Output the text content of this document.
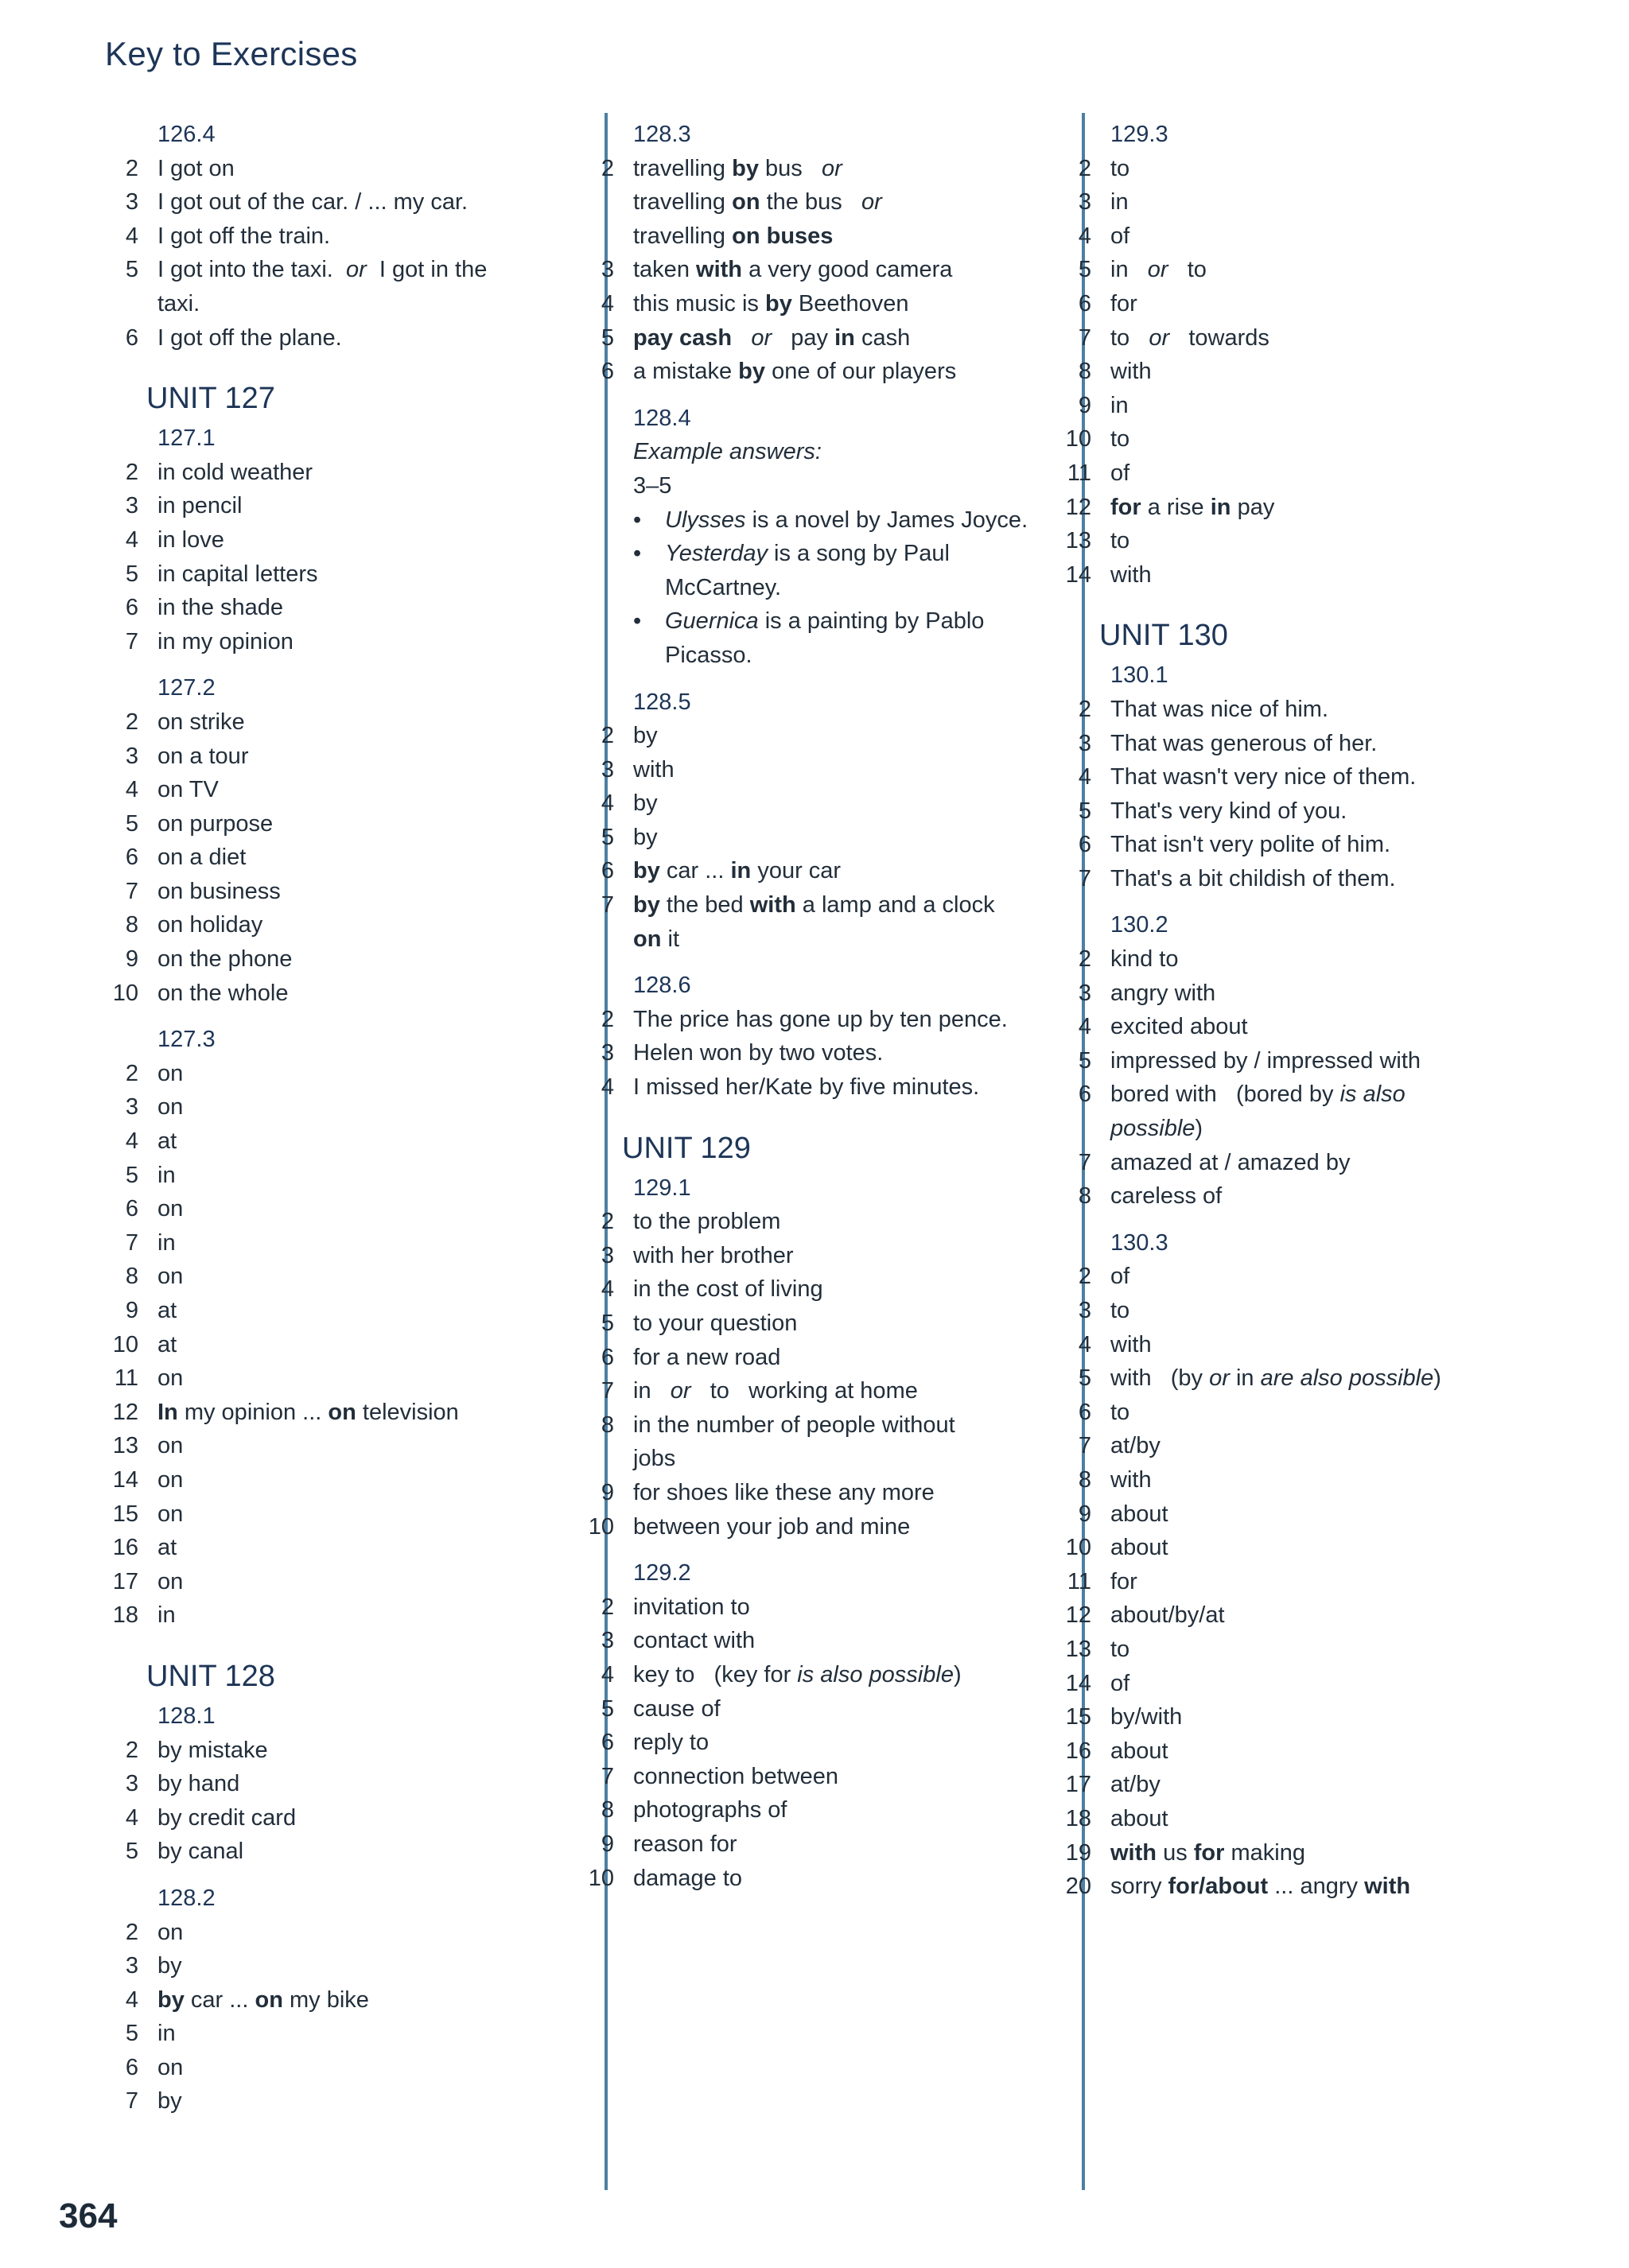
Key to Exercises
126.4
2 I got on
3 I got out of the car. / ... my car.
4 I got off the train.
5 I got into the taxi. or I got in the
taxi.
6 I got off the plane.
UNIT 127
127.1
2 in cold weather
3 in pencil
4 in love
5 in capital letters
6 in the shade
7 in my opinion
127.2
2 on strike
3 on a tour
4 on TV
5 on purpose
6 on a diet
7 on business
8 on holiday
9 on the phone
10 on the whole
127.3
2 on
3 on
4 at
5 in
6 on
7 in
8 on
9 at
10 at
11 on
12 In my opinion ... on television
13 on
14 on
15 on
16 at
17 on
18 in
UNIT 128
128.1
2 by mistake
3 by hand
4 by credit card
5 by canal
128.2
2 on
3 by
4 by car ... on my bike
5 in
6 on
7 by
128.3
2 travelling by bus or
travelling on the bus or
travelling on buses
3 taken with a very good camera
4 this music is by Beethoven
5 pay cash or pay in cash
6 a mistake by one of our players
128.4
Example answers:
3–5
• Ulysses is a novel by James Joyce.
• Yesterday is a song by Paul
McCartney.
• Guernica is a painting by Pablo
Picasso.
128.5
2 by
3 with
4 by
5 by
6 by car ... in your car
7 by the bed with a lamp and a clock
on it
128.6
2 The price has gone up by ten pence.
3 Helen won by two votes.
4 I missed her/Kate by five minutes.
UNIT 129
129.1
2 to the problem
3 with her brother
4 in the cost of living
5 to your question
6 for a new road
7 in or to working at home
8 in the number of people without
jobs
9 for shoes like these any more
10 between your job and mine
129.2
2 invitation to
3 contact with
4 key to (key for is also possible)
5 cause of
6 reply to
7 connection between
8 photographs of
9 reason for
10 damage to
129.3
2 to
3 in
4 of
5 in or to
6 for
7 to or towards
8 with
9 in
10 to
11 of
12 for a rise in pay
13 to
14 with
UNIT 130
130.1
2 That was nice of him.
3 That was generous of her.
4 That wasn't very nice of them.
5 That's very kind of you.
6 That isn't very polite of him.
7 That's a bit childish of them.
130.2
2 kind to
3 angry with
4 excited about
5 impressed by / impressed with
6 bored with (bored by is also
possible)
7 amazed at / amazed by
8 careless of
130.3
2 of
3 to
4 with
5 with (by or in are also possible)
6 to
7 at/by
8 with
9 about
10 about
11 for
12 about/by/at
13 to
14 of
15 by/with
16 about
17 at/by
18 about
19 with us for making
20 sorry for/about ... angry with
364
